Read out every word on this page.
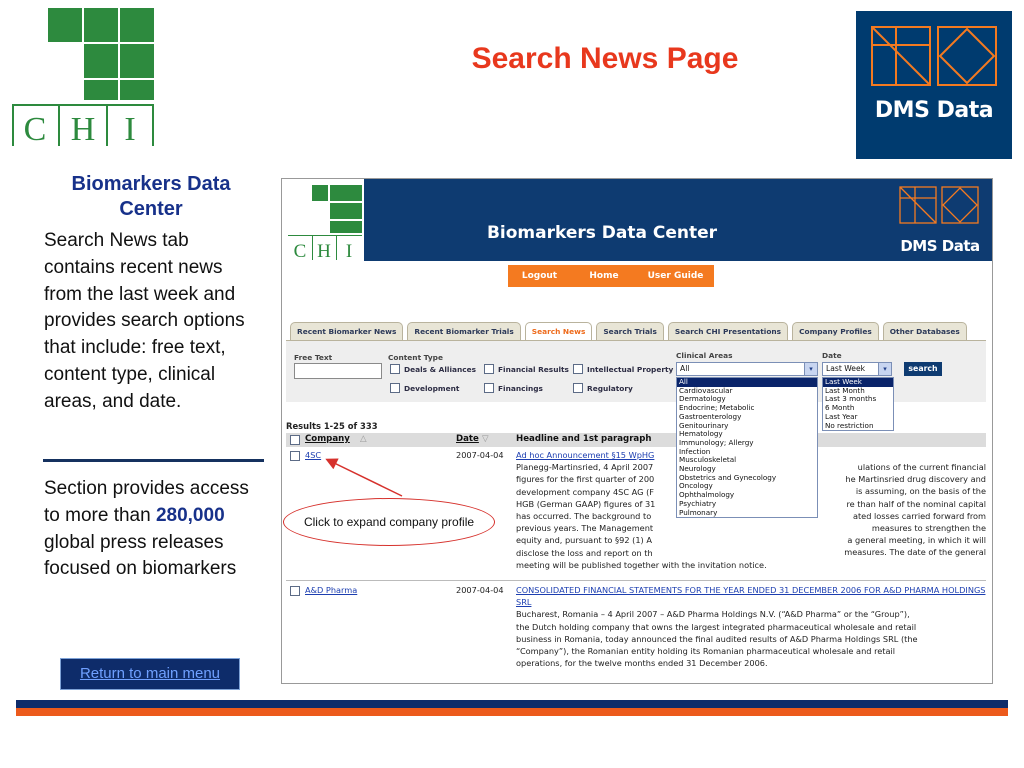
C H I
Search News Page
DMS Data
Biomarkers Data Center
Search News tab contains recent news from the last week and provides search options that include: free text, content type, clinical areas, and date.
Section provides access to more than 280,000 global press releases focused on biomarkers
Return to main menu
C H I
Biomarkers Data Center
DMS Data
Logout	Home	User Guide
Recent Biomarker News	Recent Biomarker Trials	Search News	Search Trials	Search CHI Presentations	Company Profiles	Other Databases
Free Text	Content Type
Deals & Alliances	Financial Results Intellectual Property
Development	Financings	Regulatory
Clinical Areas	Date
All	▾	Last Week	▾	search
Results 1-25 of 333
Company △	Date ▽	Headline and 1st paragraph
4SC	2007-04-04 Ad hoc Announcement §15 WpHG
Planegg-Martinsried, 4 April 2007
figures for the first quarter of 200
development company 4SC AG (F
HGB (German GAAP) figures of 31
has occurred. The background to
previous years. The Management
equity and, pursuant to §92 (1) A
disclose the loss and report on th
meeting will be published together with the invitation notice.
ulations of the current financial
he Martinsried drug discovery and
is assuming, on the basis of the
re than half of the nominal capital
ated losses carried forward from
measures to strengthen the
a general meeting, in which it will
measures. The date of the general
A&D Pharma	2007-04-04 CONSOLIDATED FINANCIAL STATEMENTS FOR THE YEAR ENDED 31 DECEMBER 2006 FOR A&D PHARMA HOLDINGS SRL
Bucharest, Romania – 4 April 2007 – A&D Pharma Holdings N.V. (“A&D Pharma” or the “Group”),
the Dutch holding company that owns the largest integrated pharmaceutical wholesale and retail
business in Romania, today announced the final audited results of A&D Pharma Holdings SRL (the
“Company”), the Romanian entity holding its Romanian pharmaceutical wholesale and retail
operations, for the twelve months ended 31 December 2006.
All
Cardiovascular
Dermatology
Endocrine; Metabolic
Gastroenterology
Genitourinary
Hematology
Immunology; Allergy
Infection
Musculoskeletal
Neurology
Obstetrics and Gynecology
Oncology
Ophthalmology
Psychiatry
Pulmonary
Last Week
Last Month
Last 3 months
6 Month
Last Year
No restriction
Click to expand company profile
